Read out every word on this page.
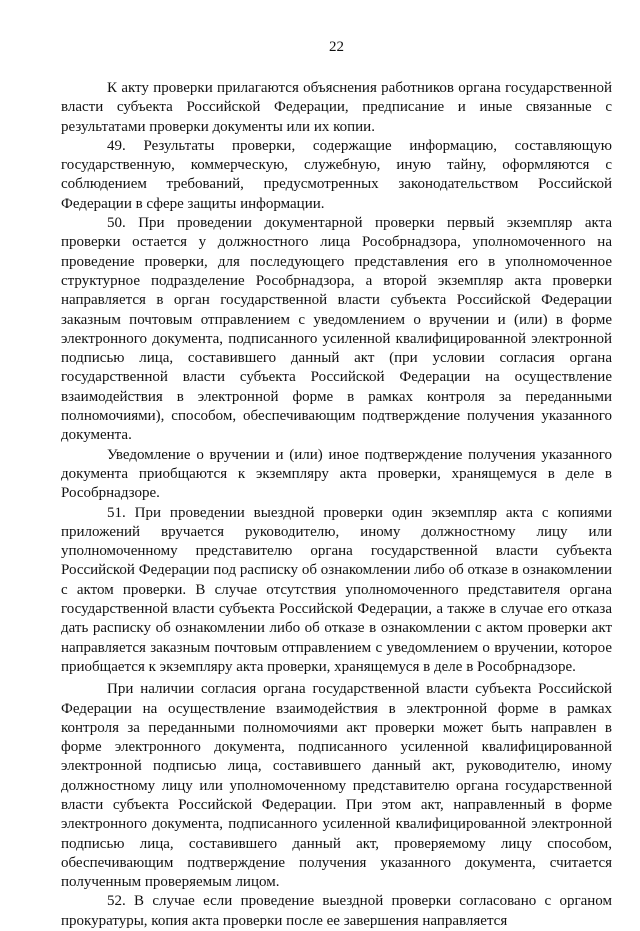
22

К акту проверки прилагаются объяснения работников органа государственной власти субъекта Российской Федерации, предписание и иные связанные с результатами проверки документы или их копии.

49. Результаты проверки, содержащие информацию, составляющую государственную, коммерческую, служебную, иную тайну, оформляются с соблюдением требований, предусмотренных законодательством Российской Федерации в сфере защиты информации.

50. При проведении документарной проверки первый экземпляр акта проверки остается у должностного лица Рособрнадзора, уполномоченного на проведение проверки, для последующего представления его в уполномоченное структурное подразделение Рособрнадзора, а второй экземпляр акта проверки направляется в орган государственной власти субъекта Российской Федерации заказным почтовым отправлением с уведомлением о вручении и (или) в форме электронного документа, подписанного усиленной квалифицированной электронной подписью лица, составившего данный акт (при условии согласия органа государственной власти субъекта Российской Федерации на осуществление взаимодействия в электронной форме в рамках контроля за переданными полномочиями), способом, обеспечивающим подтверждение получения указанного документа.

Уведомление о вручении и (или) иное подтверждение получения указанного документа приобщаются к экземпляру акта проверки, хранящемуся в деле в Рособрнадзоре.

51. При проведении выездной проверки один экземпляр акта с копиями приложений вручается руководителю, иному должностному лицу или уполномоченному представителю органа государственной власти субъекта Российской Федерации под расписку об ознакомлении либо об отказе в ознакомлении с актом проверки. В случае отсутствия уполномоченного представителя органа государственной власти субъекта Российской Федерации, а также в случае его отказа дать расписку об ознакомлении либо об отказе в ознакомлении с актом проверки акт направляется заказным почтовым отправлением с уведомлением о вручении, которое приобщается к экземпляру акта проверки, хранящемуся в деле в Рособрнадзоре.

При наличии согласия органа государственной власти субъекта Российской Федерации на осуществление взаимодействия в электронной форме в рамках контроля за переданными полномочиями акт проверки может быть направлен в форме электронного документа, подписанного усиленной квалифицированной электронной подписью лица, составившего данный акт, руководителю, иному должностному лицу или уполномоченному представителю органа государственной власти субъекта Российской Федерации. При этом акт, направленный в форме электронного документа, подписанного усиленной квалифицированной электронной подписью лица, составившего данный акт, проверяемому лицу способом, обеспечивающим подтверждение получения указанного документа, считается полученным проверяемым лицом.

52. В случае если проведение выездной проверки согласовано с органом прокуратуры, копия акта проверки после ее завершения направляется
